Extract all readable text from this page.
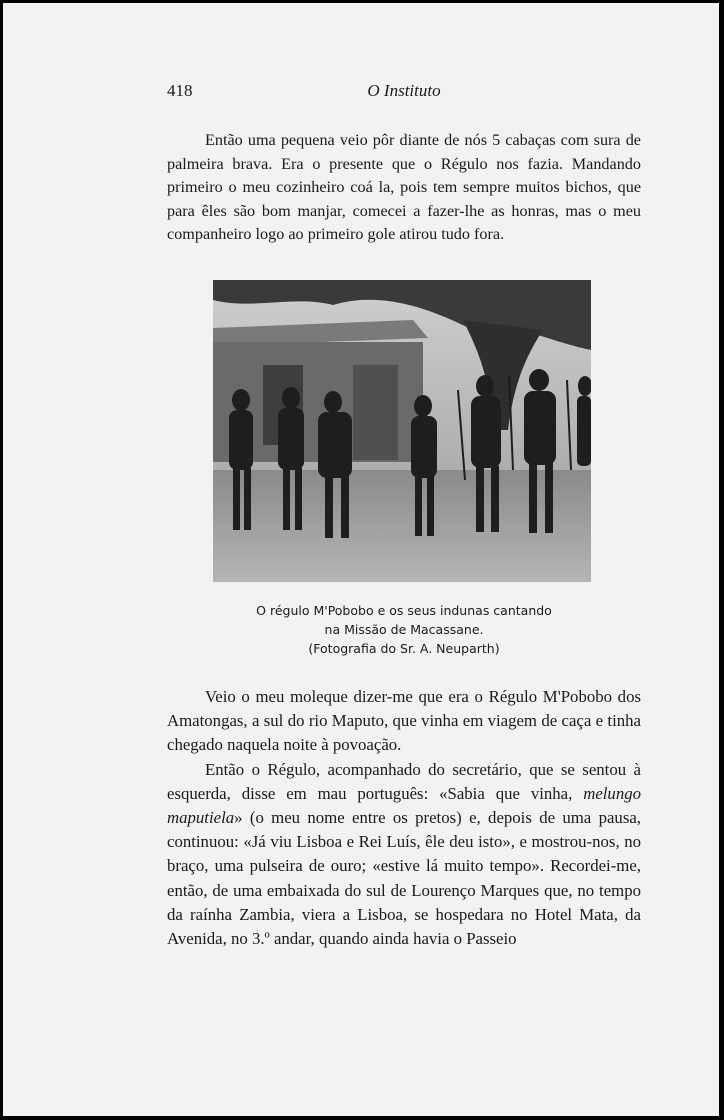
418	O Instituto

Então uma pequena veio pôr diante de nós 5 cabaças com sura de palmeira brava. Era o presente que o Régulo nos fazia. Mandando primeiro o meu cozinheiro coá la, pois tem sempre muitos bichos, que para êles são bom manjar, comecei a fazer-lhe as honras, mas o meu companheiro logo ao primeiro gole atirou tudo fora.

O régulo M'Pobobo e os seus indunas cantando
na Missão de Macassane.
(Fotografia do Sr. A. Neuparth)

Veio o meu moleque dizer-me que era o Régulo M'Pobobo dos Amatongas, a sul do rio Maputo, que vinha em viagem de caça e tinha chegado naquela noite à povoação.

Então o Régulo, acompanhado do secretário, que se sentou à esquerda, disse em mau português: «Sabia que vinha, melungo maputiela» (o meu nome entre os pretos) e, depois de uma pausa, continuou: «Já viu Lisboa e Rei Luís, êle deu isto», e mostrou-nos, no braço, uma pulseira de ouro; «estive lá muito tempo». Recordei-me, então, de uma embaixada do sul de Lourenço Marques que, no tempo da raínha Zambia, viera a Lisboa, se hospedara no Hotel Mata, da Avenida, no 3.º andar, quando ainda havia o Passeio
